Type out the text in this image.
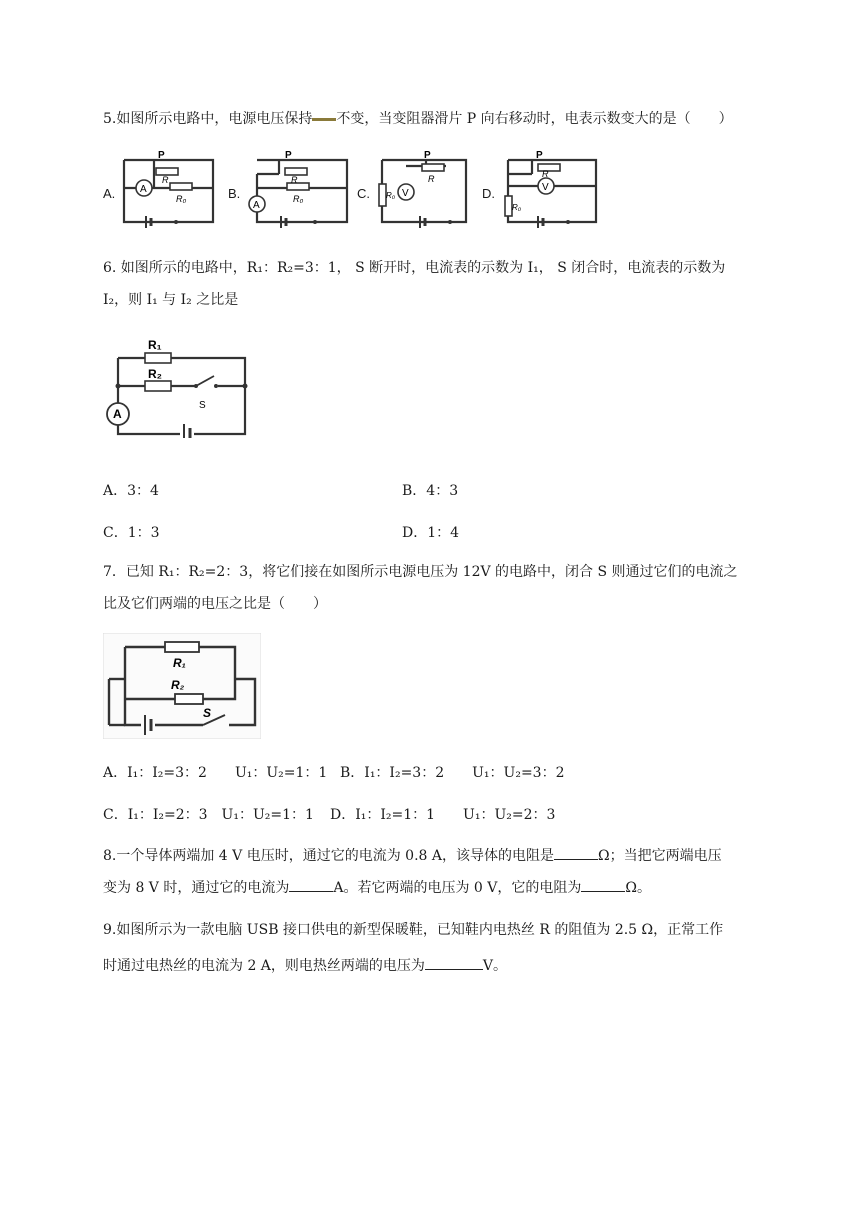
5.如图所示电路中，电源电压保持 不变，当变阻器滑片 P 向右移动时，电表示数变大的是（　　）

A.	B.	C.	D.
A
P
R
R₀
A
P
R
R₀	V
P
R
R₀
V
P
R
R₀

6. 如图所示的电路中，R₁：R₂=3：1， S 断开时，电流表的示数为 I₁， S 闭合时，电流表的示数为

I₂，则 I₁ 与 I₂ 之比是

A
R₁
R₂
S
A．3：4	B．4：3
C．1：3	D．1：4

7．已知 R₁：R₂=2：3，将它们接在如图所示电源电压为 12V 的电路中，闭合 S 则通过它们的电流之

比及它们两端的电压之比是（　　）

R₁
R₂
S
A．I₁：I₂=3：2　　U₁：U₂=1：1 B．I₁：I₂=3：2　　U₁：U₂=3：2
C．I₁：I₂=2：3　U₁：U₂=1：1 D．I₁：I₂=1：1　　U₁：U₂=2：3

8.一个导体两端加 4 V 电压时，通过它的电流为 0.8 A，该导体的电阻是	Ω；当把它两端电压

变为 8 V 时，通过它的电流为	A。若它两端的电压为 0 V，它的电阻为	Ω。

9.如图所示为一款电脑 USB 接口供电的新型保暖鞋，已知鞋内电热丝 R 的阻值为 2.5 Ω，正常工作

时通过电热丝的电流为 2 A，则电热丝两端的电压为	V。
